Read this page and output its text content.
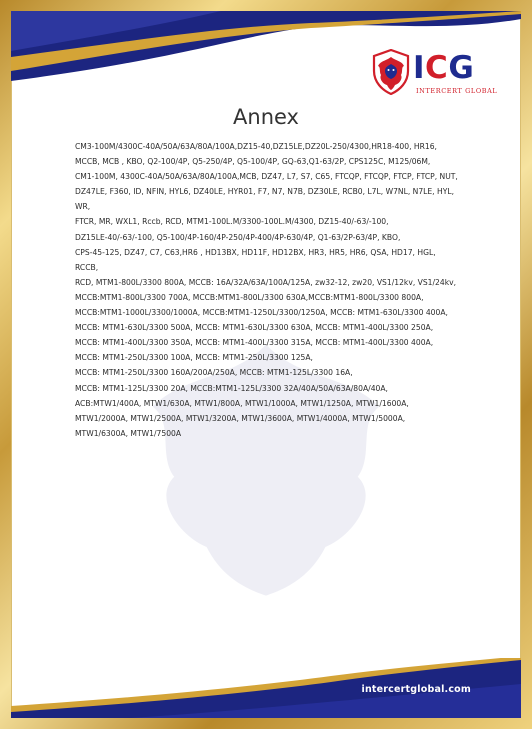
ICG
INTERCERT GLOBAL
Annex

CM3-100M/4300C-40A/50A/63A/80A/100A,DZ15-40,DZ15LE,DZ20L-250/4300,HR18-400, HR16,
MCCB, MCB , KBO, Q2-100/4P, Q5-250/4P, Q5-100/4P, GQ-63,Q1-63/2P, CPS125C, M125/06M,
CM1-100M, 4300C-40A/50A/63A/80A/100A,MCB, DZ47, L7, S7, C65, FTCQP, FTCQP, FTCP, FTCP, NUT,
DZ47LE, F360, ID, NFIN, HYL6, DZ40LE, HYR01, F7, N7, N7B, DZ30LE, RCB0, L7L, W7NL, N7LE, HYL, WR,
FTCR, MR, WXL1, Rccb, RCD, MTM1-100L.M/3300-100L.M/4300, DZ15-40/-63/-100,
DZ15LE-40/-63/-100, Q5-100/4P-160/4P-250/4P-400/4P-630/4P, Q1-63/2P-63/4P, KBO,
CPS-45-125, DZ47, C7, C63,HR6 , HD13BX, HD11F, HD12BX, HR3, HR5, HR6, QSA, HD17, HGL, RCCB,
RCD, MTM1-800L/3300 800A, MCCB: 16A/32A/63A/100A/125A, zw32-12, zw20, VS1/12kv, VS1/24kv,
MCCB:MTM1-800L/3300 700A, MCCB:MTM1-800L/3300 630A,MCCB:MTM1-800L/3300 800A,
MCCB:MTM1-1000L/3300/1000A, MCCB:MTM1-1250L/3300/1250A, MCCB: MTM1-630L/3300 400A,
MCCB: MTM1-630L/3300 500A, MCCB: MTM1-630L/3300 630A, MCCB: MTM1-400L/3300 250A,
MCCB: MTM1-400L/3300 350A, MCCB: MTM1-400L/3300 315A, MCCB: MTM1-400L/3300 400A,
MCCB: MTM1-250L/3300 100A, MCCB: MTM1-250L/3300 125A,
MCCB: MTM1-250L/3300 160A/200A/250A, MCCB: MTM1-125L/3300 16A,
MCCB: MTM1-125L/3300 20A, MCCB:MTM1-125L/3300 32A/40A/50A/63A/80A/40A,
ACB:MTW1/400A, MTW1/630A, MTW1/800A, MTW1/1000A, MTW1/1250A, MTW1/1600A,
MTW1/2000A, MTW1/2500A, MTW1/3200A, MTW1/3600A, MTW1/4000A, MTW1/5000A,
MTW1/6300A, MTW1/7500A

intercertglobal.com
